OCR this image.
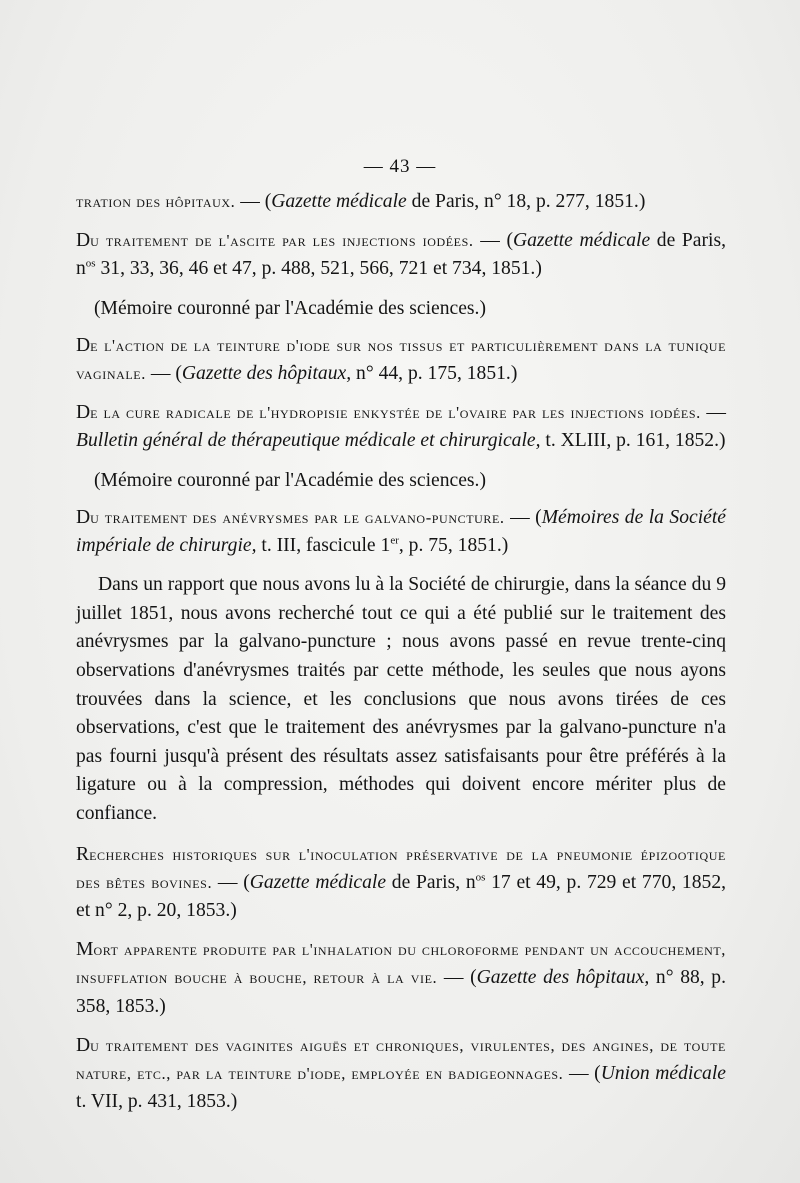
— 43 —

tration des hôpitaux. — (Gazette médicale de Paris, n° 18, p. 277, 1851.)

Du traitement de l'ascite par les injections iodées. — (Gazette médicale de Paris, $n^{os}$ 31, 33, 36, 46 et 47, p. 488, 521, 566, 721 et 734, 1851.)

(Mémoire couronné par l'Académie des sciences.)

De l'action de la teinture d'iode sur nos tissus et particulièrement dans la tunique vaginale. — (Gazette des hôpitaux, n° 44, p. 175, 1851.)

De la cure radicale de l'hydropisie enkystée de l'ovaire par les injections iodées. — Bulletin général de thérapeutique médicale et chirurgicale, t. XLIII, p. 161, 1852.)

(Mémoire couronné par l'Académie des sciences.)

Du traitement des anévrysmes par le galvano-puncture. — (Mémoires de la Société impériale de chirurgie, t. III, fascicule 1er, p. 75, 1851.)

Dans un rapport que nous avons lu à la Société de chirurgie, dans la séance du 9 juillet 1851, nous avons recherché tout ce qui a été publié sur le traitement des anévrysmes par la galvano-puncture ; nous avons passé en revue trente-cinq observations d'anévrysmes traités par cette méthode, les seules que nous ayons trouvées dans la science, et les conclusions que nous avons tirées de ces observations, c'est que le traitement des anévrysmes par la galvano-puncture n'a pas fourni jusqu'à présent des résultats assez satisfaisants pour être préférés à la ligature ou à la compression, méthodes qui doivent encore mériter plus de confiance.

Recherches historiques sur l'inoculation préservative de la pneumonie épizootique des bêtes bovines. — (Gazette médicale de Paris, $n^{os}$ 17 et 49, p. 729 et 770, 1852, et n° 2, p. 20, 1853.)

Mort apparente produite par l'inhalation du chloroforme pendant un accouchement, insufflation bouche à bouche, retour à la vie. — (Gazette des hôpitaux, n° 88, p. 358, 1853.)

Du traitement des vaginites aiguës et chroniques, virulentes, des angines, de toute nature, etc., par la teinture d'iode, employée en badigeonnages. — (Union médicale t. VII, p. 431, 1853.)
